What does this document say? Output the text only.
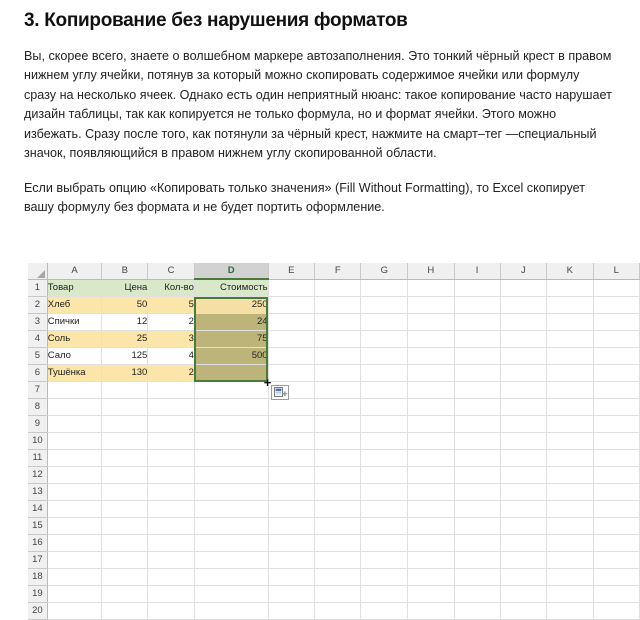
3. Копирование без нарушения форматов

Вы, скорее всего, знаете о волшебном маркере автозаполнения. Это тонкий чёрный крест в правом нижнем углу ячейки, потянув за который можно скопировать содержимое ячейки или формулу сразу на несколько ячеек. Однако есть один неприятный нюанс: такое копирование часто нарушает дизайн таблицы, так как копируется не только формула, но и формат ячейки. Этого можно избежать. Сразу после того, как потянули за чёрный крест, нажмите на смарт–тег —специальный значок, появляющийся в правом нижнем углу скопированной области.

Если выбрать опцию «Копировать только значения» (Fill Without Formatting), то Excel скопирует вашу формулу без формата и не будет портить оформление.

	A	B	C	D	E	F	G	H	I	J	K	L
1	Товар	Цена	Кол-во	Стоимость								
2	Хлеб	50	5	250								
3	Спички	12	2	24								
4	Соль	25	3	75								
5	Сало	125	4	500								
6	Тушёнка	130	2									
7												
8												
9												
10												
11												
12												
13												
14												
15												
16												
17												
18												
19												
20												
+
